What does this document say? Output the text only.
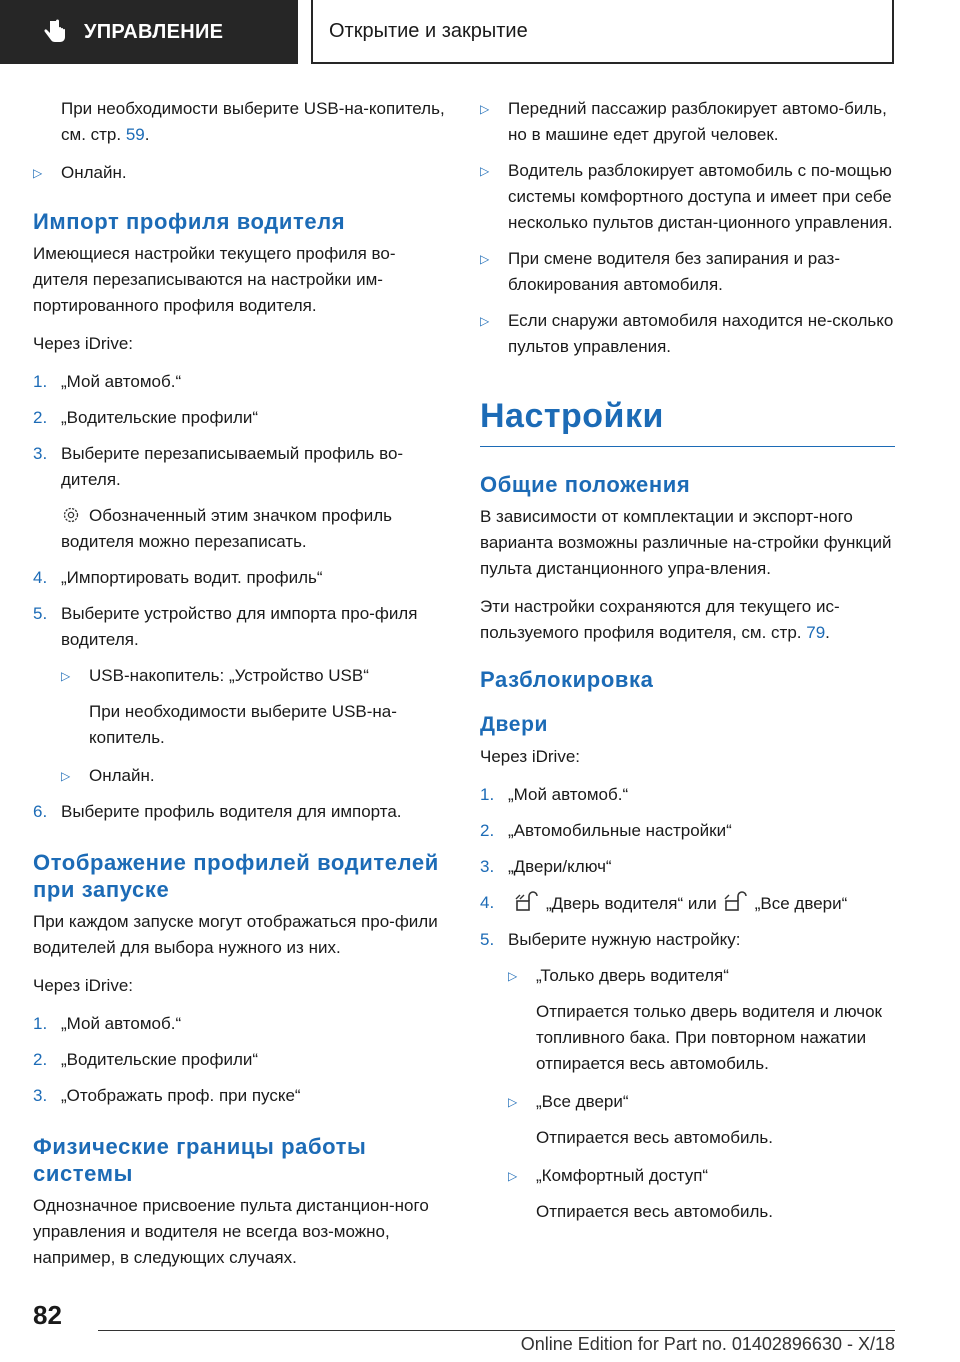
УПРАВЛЕНИЕ	Открытие и закрытие

При необходимости выберите USB-на-копитель, см. стр. 59.

▷	Онлайн.
Импорт профиля водителя

Имеющиеся настройки текущего профиля во-дителя перезаписываются на настройки им-портированного профиля водителя.

Через iDrive:

1. „Мой автомоб.“
2. „Водительские профили“
3. Выберите перезаписываемый профиль во-дителя.
Обозначенный этим значком профиль водителя можно перезаписать.
4. „Импортировать водит. профиль“
5. Выберите устройство для импорта про-филя водителя.
▷	USB-накопитель: „Устройство USB“

При необходимости выберите USB-на-копитель.

▷	Онлайн.
6. Выберите профиль водителя для импорта.
Отображение профилей водителей при запуске

При каждом запуске могут отображаться про-фили водителей для выбора нужного из них.

Через iDrive:

1. „Мой автомоб.“
2. „Водительские профили“
3. „Отображать проф. при пуске“
Физические границы работы системы

Однозначное присвоение пульта дистанцион-ного управления и водителя не всегда воз-можно, например, в следующих случаях.

▷	Передний пассажир разблокирует автомо-биль, но в машине едет другой человек.
▷	Водитель разблокирует автомобиль с по-мощью системы комфортного доступа и имеет при себе несколько пультов дистан-ционного управления.
▷	При смене водителя без запирания и раз-блокирования автомобиля.
▷	Если снаружи автомобиля находится не-сколько пультов управления.
Настройки
Общие положения

В зависимости от комплектации и экспорт-ного варианта возможны различные на-стройки функций пульта дистанционного упра-вления.

Эти настройки сохраняются для текущего ис-пользуемого профиля водителя, см. стр. 79.

Разблокировка
Двери

Через iDrive:

1. „Мой автомоб.“
2. „Автомобильные настройки“
3. „Двери/ключ“
4.	„Дверь водителя“ или „Все двери“
5. Выберите нужную настройку:
▷	„Только дверь водителя“

Отпирается только дверь водителя и лючок топливного бака. При повторном нажатии отпирается весь автомобиль.

▷	„Все двери“

Отпирается весь автомобиль.

▷	„Комфортный доступ“

Отпирается весь автомобиль.

82
Online Edition for Part no. 01402896630 - X/18
